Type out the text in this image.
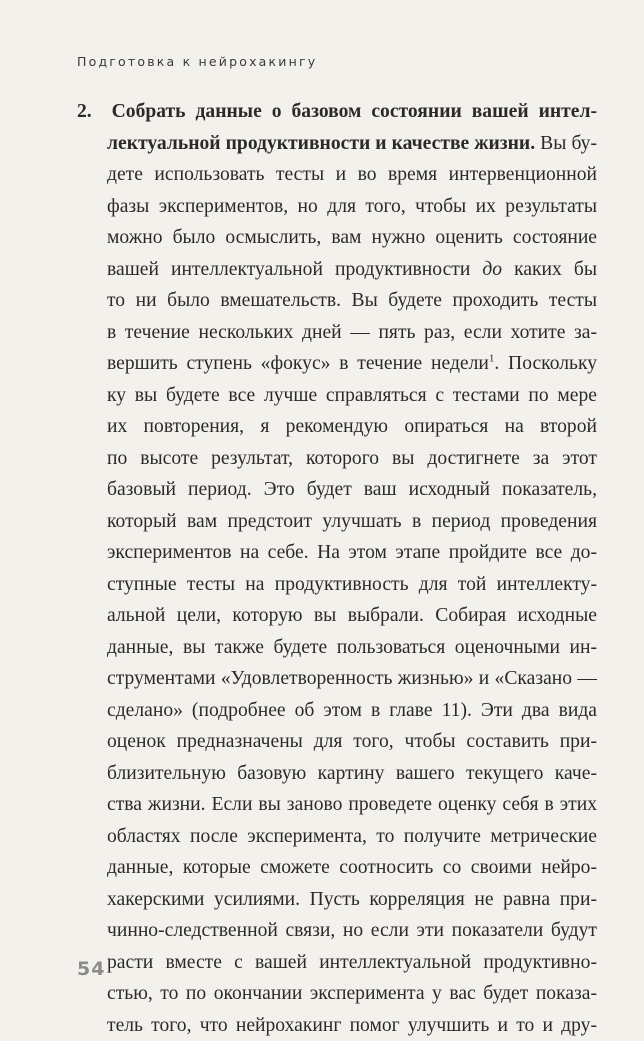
Подготовка к нейрохакингу
2. Собрать данные о базовом состоянии вашей интел-
лектуальной продуктивности и качестве жизни. Вы бу-
дете использовать тесты и во время интервенционной
фазы экспериментов, но для того, чтобы их результаты
можно было осмыслить, вам нужно оценить состояние
вашей интеллектуальной продуктивности до каких бы
то ни было вмешательств. Вы будете проходить тесты
в течение нескольких дней — пять раз, если хотите за-
вершить ступень «фокус» в течение недели$^1$. Поскольку
ку вы будете все лучше справляться с тестами по мере
их повторения, я рекомендую опираться на второй
по высоте результат, которого вы достигнете за этот
базовый период. Это будет ваш исходный показатель,
который вам предстоит улучшать в период проведения
экспериментов на себе. На этом этапе пройдите все до-
ступные тесты на продуктивность для той интеллекту-
альной цели, которую вы выбрали. Собирая исходные
данные, вы также будете пользоваться оценочными ин-
струментами «Удовлетворенность жизнью» и «Сказано —
сделано» (подробнее об этом в главе 11). Эти два вида
оценок предназначены для того, чтобы составить при-
близительную базовую картину вашего текущего каче-
ства жизни. Если вы заново проведете оценку себя в этих
областях после эксперимента, то получите метрические
данные, которые сможете соотносить со своими нейро-
хакерскими усилиями. Пусть корреляция не равна при-
чинно-следственной связи, но если эти показатели будут
расти вместе с вашей интеллектуальной продуктивно-
стью, то по окончании эксперимента у вас будет показа-
тель того, что нейрохакинг помог улучшить и то и дру-
54
